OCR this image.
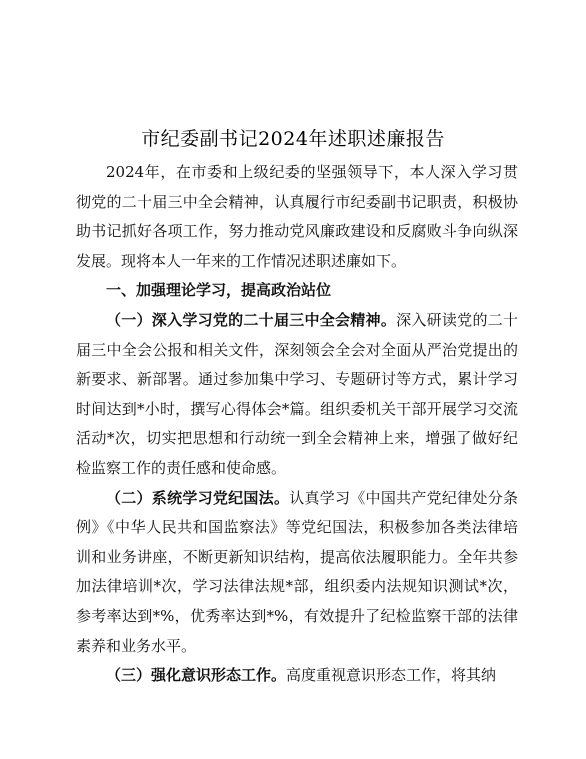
市纪委副书记2024年述职述廉报告

2024年，在市委和上级纪委的坚强领导下，本人深入学习贯彻党的二十届三中全会精神，认真履行市纪委副书记职责，积极协助书记抓好各项工作，努力推动党风廉政建设和反腐败斗争向纵深发展。现将本人一年来的工作情况述职述廉如下。

一、加强理论学习，提高政治站位

（一）深入学习党的二十届三中全会精神。深入研读党的二十届三中全会公报和相关文件，深刻领会全会对全面从严治党提出的新要求、新部署。通过参加集中学习、专题研讨等方式，累计学习时间达到*小时，撰写心得体会*篇。组织委机关干部开展学习交流活动*次，切实把思想和行动统一到全会精神上来，增强了做好纪检监察工作的责任感和使命感。

（二）系统学习党纪国法。认真学习《中国共产党纪律处分条例》《中华人民共和国监察法》等党纪国法，积极参加各类法律培训和业务讲座，不断更新知识结构，提高依法履职能力。全年共参加法律培训*次，学习法律法规*部，组织委内法规知识测试*次，参考率达到*%，优秀率达到*%，有效提升了纪检监察干部的法律素养和业务水平。

（三）强化意识形态工作。高度重视意识形态工作，将其纳
